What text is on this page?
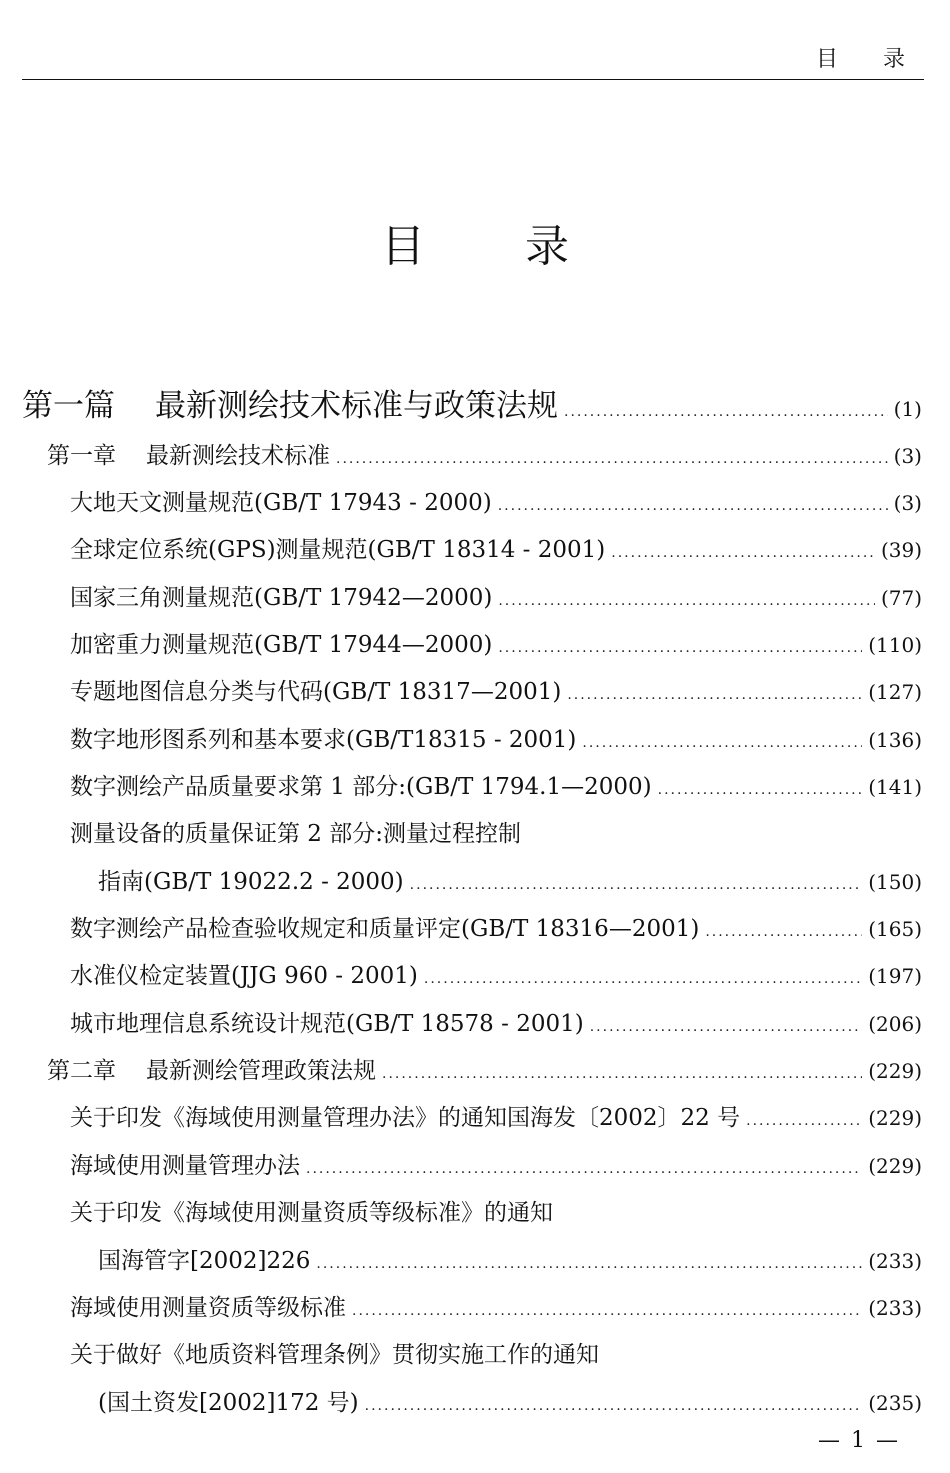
目 录
目 录
第一篇 最新测绘技术标准与政策法规 .....	(1)
第一章 最新测绘技术标准 .....	(3)
大地天文测量规范(GB/T 17943 - 2000) .....	(3)
全球定位系统(GPS)测量规范(GB/T 18314 - 2001) .....	(39)
国家三角测量规范(GB/T 17942—2000) .....	(77)
加密重力测量规范(GB/T 17944—2000) .....	(110)
专题地图信息分类与代码(GB/T 18317—2001) .....	(127)
数字地形图系列和基本要求(GB/T18315 - 2001) .....	(136)
数字测绘产品质量要求第 1 部分:(GB/T 1794.1—2000) .....	(141)
测量设备的质量保证第 2 部分:测量过程控制
指南(GB/T 19022.2 - 2000) .....	(150)
数字测绘产品检查验收规定和质量评定(GB/T 18316—2001) .....	(165)
水准仪检定装置(JJG 960 - 2001) .....	(197)
城市地理信息系统设计规范(GB/T 18578 - 2001) .....	(206)
第二章 最新测绘管理政策法规 .....	(229)
关于印发《海域使用测量管理办法》的通知国海发〔2002〕22 号 .....	(229)
海域使用测量管理办法 .....	(229)
关于印发《海域使用测量资质等级标准》的通知
国海管字[2002]226 .....	(233)
海域使用测量资质等级标准 .....	(233)
关于做好《地质资料管理条例》贯彻实施工作的通知
(国土资发[2002]172 号) .....	(235)
— 1 —
